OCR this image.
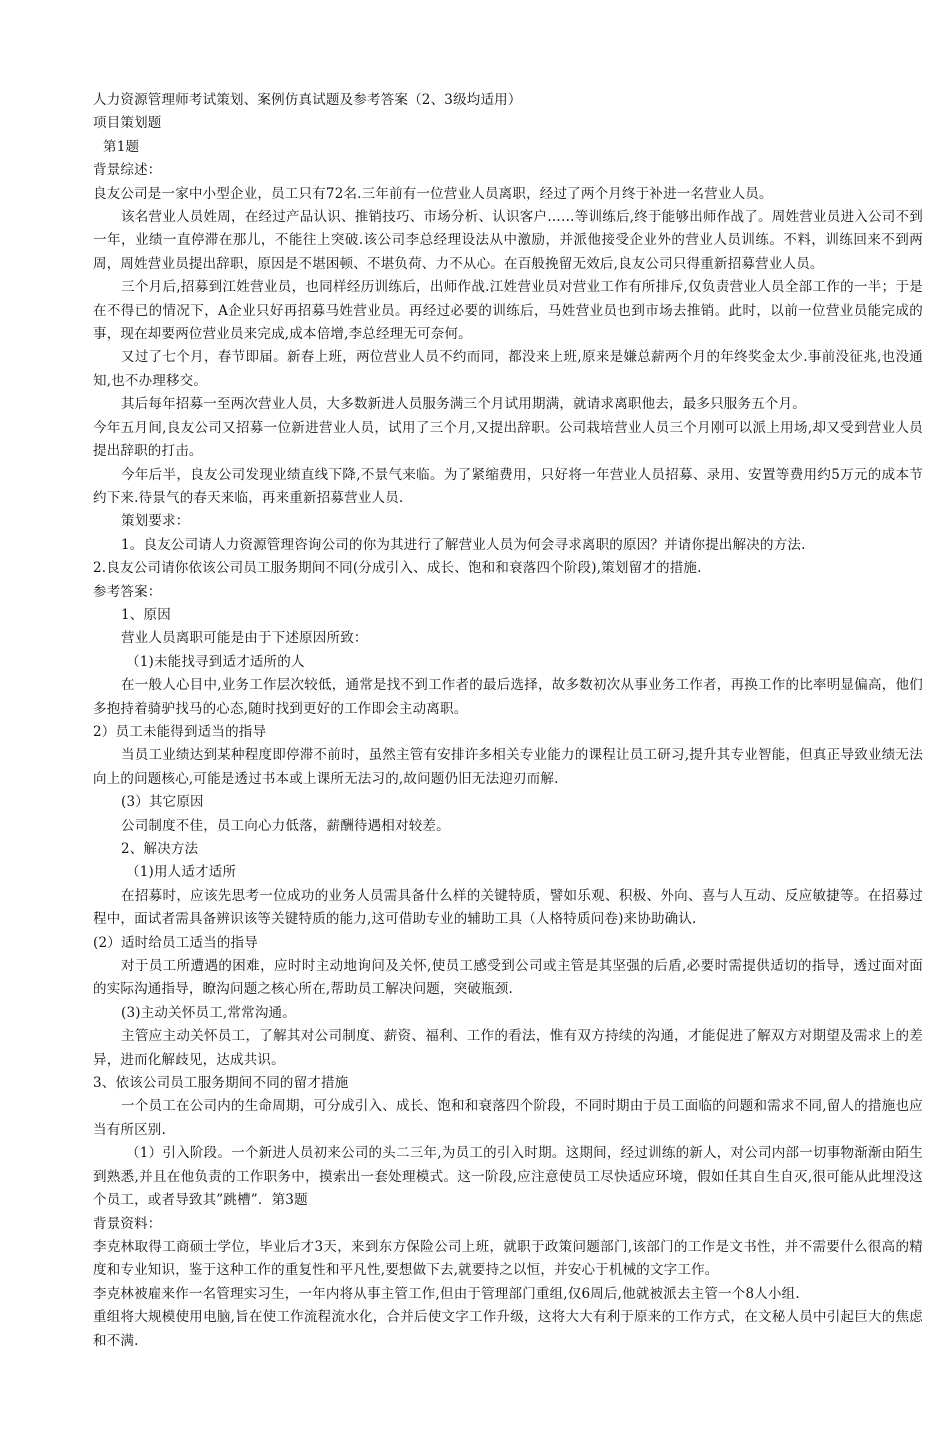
人力资源管理师考试策划、案例仿真试题及参考答案（2、3级均适用）

项目策划题

第1题

背景综述：

良友公司是一家中小型企业，员工只有72名.三年前有一位营业人员离职，经过了两个月终于补进一名营业人员。

该名营业人员姓周，在经过产品认识、推销技巧、市场分析、认识客户……等训练后,终于能够出师作战了。周姓营业员进入公司不到一年，业绩一直停滞在那儿，不能往上突破.该公司李总经理设法从中激励，并派他接受企业外的营业人员训练。不料，训练回来不到两周，周姓营业员提出辞职，原因是不堪困顿、不堪负荷、力不从心。在百般挽留无效后,良友公司只得重新招募营业人员。

三个月后,招募到江姓营业员，也同样经历训练后，出师作战.江姓营业员对营业工作有所排斥,仅负责营业人员全部工作的一半；于是在不得已的情况下，A企业只好再招募马姓营业员。再经过必要的训练后，马姓营业员也到市场去推销。此时，以前一位营业员能完成的事，现在却要两位营业员来完成,成本倍增,李总经理无可奈何。

又过了七个月，春节即届。新春上班，两位营业人员不约而同，都没来上班,原来是嫌总薪两个月的年终奖金太少.事前没征兆,也没通知,也不办理移交。

其后每年招募一至两次营业人员，大多数新进人员服务满三个月试用期满，就请求离职他去，最多只服务五个月。

今年五月间,良友公司又招募一位新进营业人员，试用了三个月,又提出辞职。公司栽培营业人员三个月刚可以派上用场,却又受到营业人员提出辞职的打击。

今年后半，良友公司发现业绩直线下降,不景气来临。为了紧缩费用，只好将一年营业人员招募、录用、安置等费用约5万元的成本节约下来.待景气的春天来临，再来重新招募营业人员.

策划要求：

1。良友公司请人力资源管理咨询公司的你为其进行了解营业人员为何会寻求离职的原因？并请你提出解决的方法.

2.良友公司请你依该公司员工服务期间不同(分成引入、成长、饱和和衰落四个阶段),策划留才的措施.

参考答案：

1、原因

营业人员离职可能是由于下述原因所致：

（1)未能找寻到适才适所的人

在一般人心目中,业务工作层次较低，通常是找不到工作者的最后选择，故多数初次从事业务工作者，再换工作的比率明显偏高，他们多抱持着骑驴找马的心态,随时找到更好的工作即会主动离职。

2）员工未能得到适当的指导

当员工业绩达到某种程度即停滞不前时，虽然主管有安排许多相关专业能力的课程让员工研习,提升其专业智能，但真正导致业绩无法向上的问题核心,可能是透过书本或上课所无法习的,故问题仍旧无法迎刃而解.

(3）其它原因

公司制度不佳，员工向心力低落，薪酬待遇相对较差。

2、解决方法

（1)用人适才适所

在招募时，应该先思考一位成功的业务人员需具备什么样的关键特质，譬如乐观、积极、外向、喜与人互动、反应敏捷等。在招募过程中，面试者需具备辨识该等关键特质的能力,这可借助专业的辅助工具（人格特质问卷)来协助确认.

(2）适时给员工适当的指导

对于员工所遭遇的困难，应时时主动地询问及关怀,使员工感受到公司或主管是其坚强的后盾,必要时需提供适切的指导，透过面对面的实际沟通指导，瞭沟问题之核心所在,帮助员工解决问题，突破瓶颈.

(3)主动关怀员工,常常沟通。

主管应主动关怀员工，了解其对公司制度、薪资、福利、工作的看法，惟有双方持续的沟通，才能促进了解双方对期望及需求上的差异，进而化解歧见，达成共识。

3、依该公司员工服务期间不同的留才措施

一个员工在公司内的生命周期，可分成引入、成长、饱和和衰落四个阶段，不同时期由于员工面临的问题和需求不同,留人的措施也应当有所区别.

（1）引入阶段。一个新进人员初来公司的头二三年,为员工的引入时期。这期间，经过训练的新人，对公司内部一切事物渐渐由陌生到熟悉,并且在他负责的工作职务中，摸索出一套处理模式。这一阶段,应注意使员工尽快适应环境，假如任其自生自灭,很可能从此埋没这个员工，或者导致其”跳槽”．第3题

背景资料：

李克林取得工商硕士学位，毕业后才3天，来到东方保险公司上班，就职于政策问题部门,该部门的工作是文书性，并不需要什么很高的精度和专业知识，鉴于这种工作的重复性和平凡性,要想做下去,就要持之以恒，并安心于机械的文字工作。

李克林被雇来作一名管理实习生，一年内将从事主管工作,但由于管理部门重组,仅6周后,他就被派去主管一个8人小组.

重组将大规模使用电脑,旨在使工作流程流水化，合并后使文字工作升级，这将大大有利于原来的工作方式，在文秘人员中引起巨大的焦虑和不满.
